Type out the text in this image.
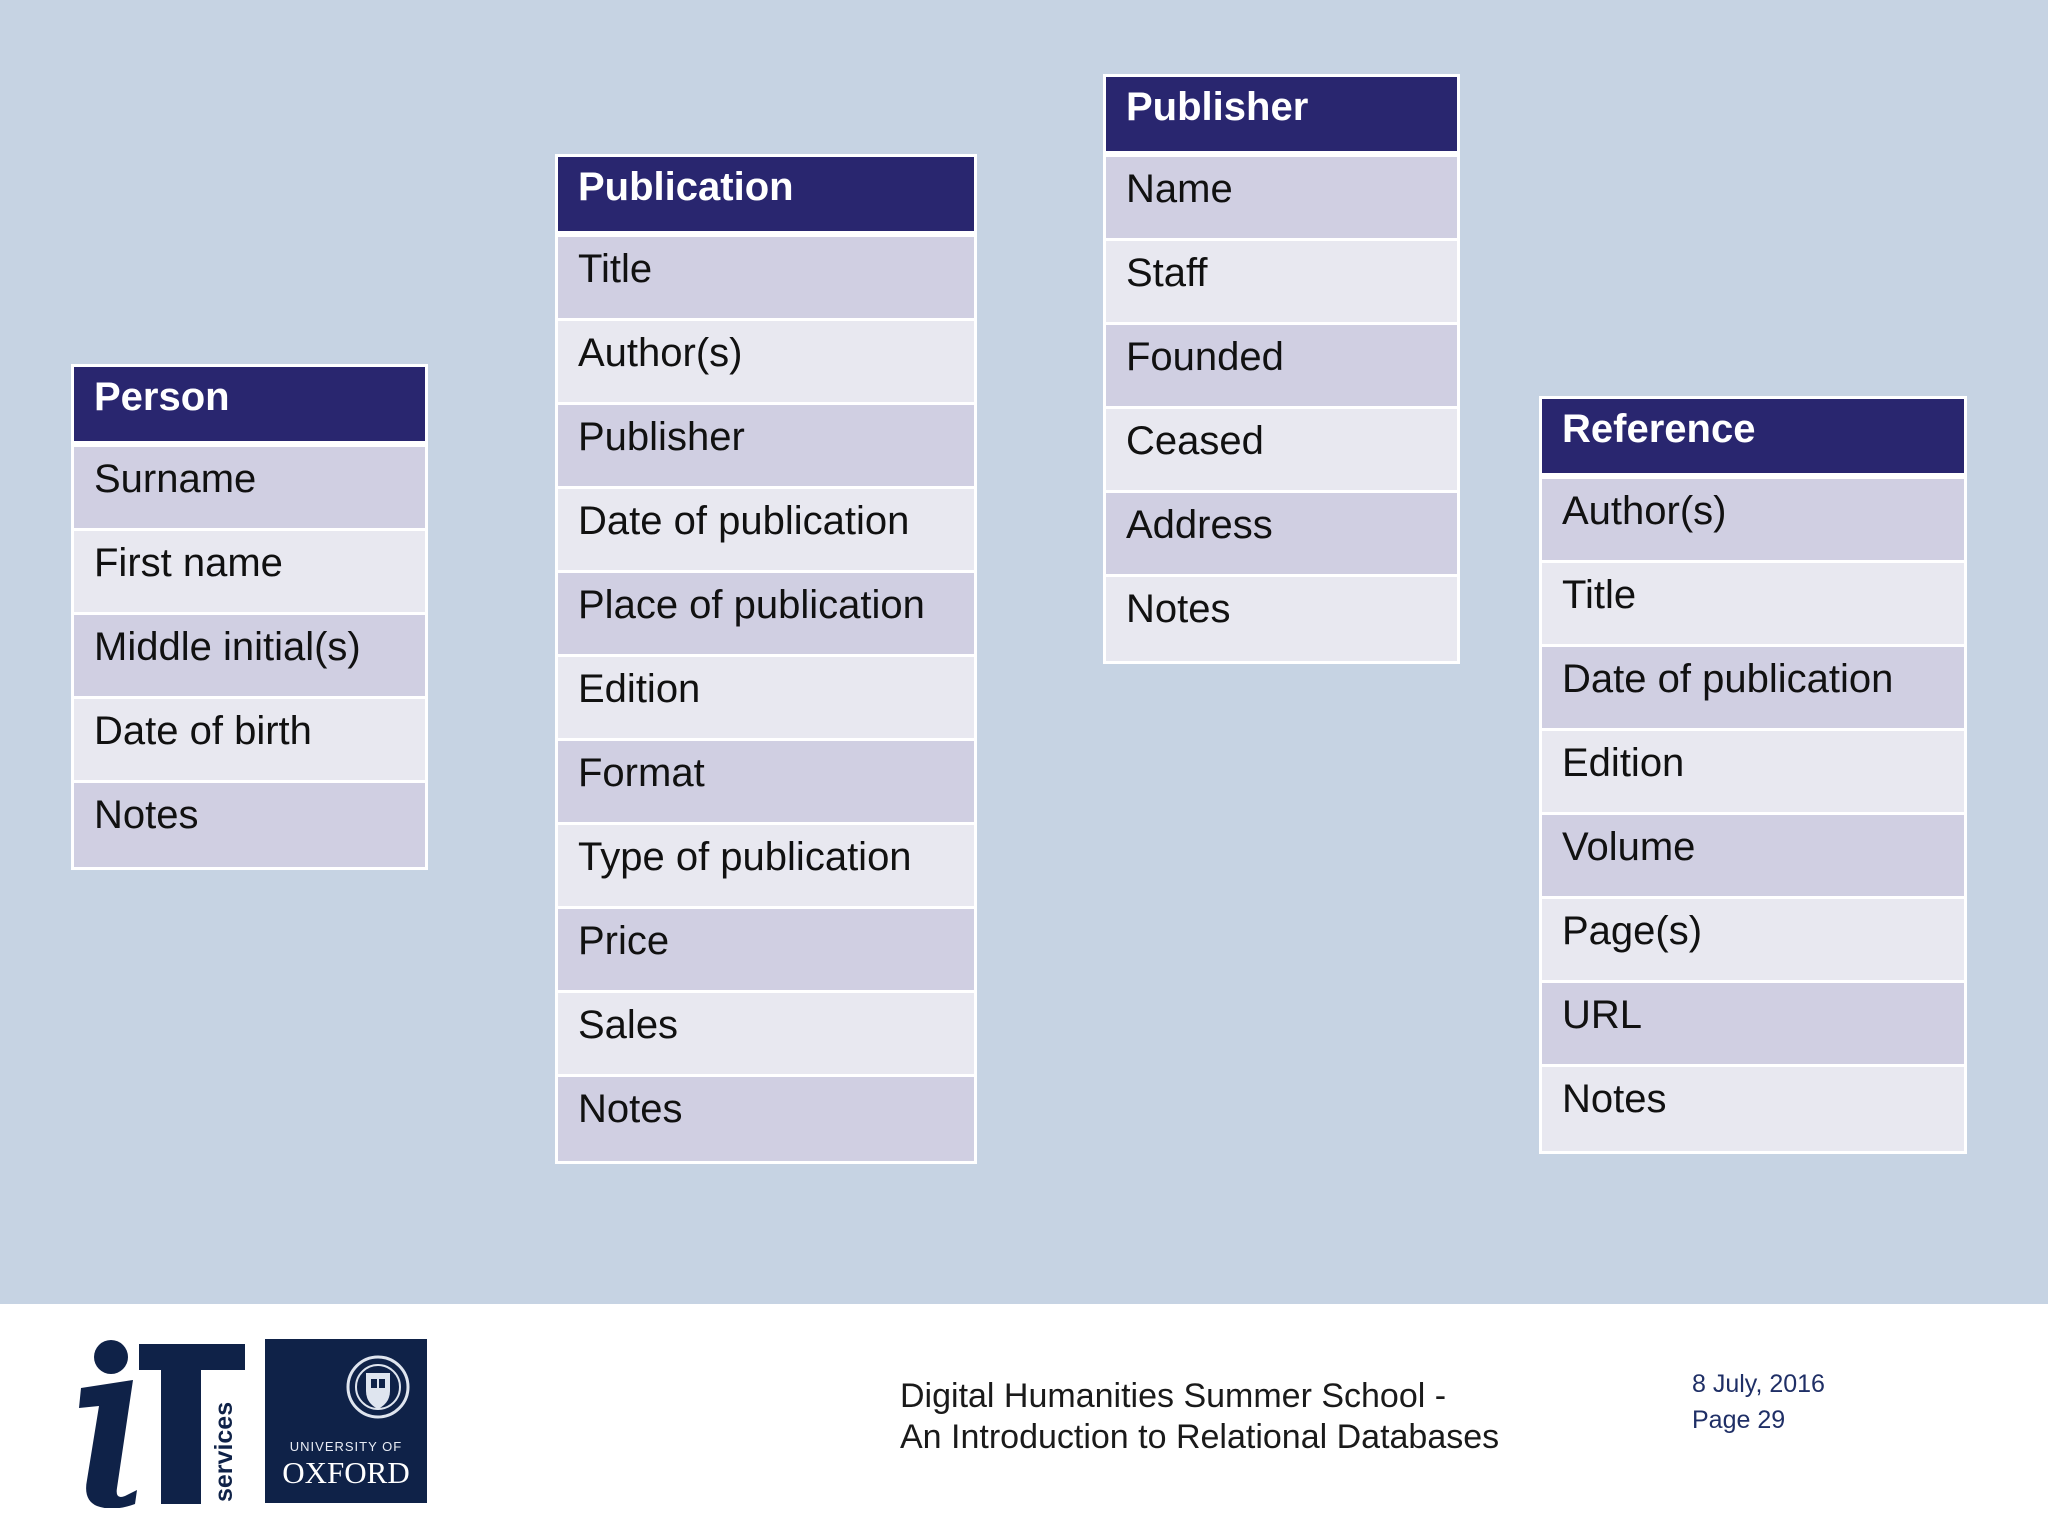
Person
Surname
First name
Middle initial(s)
Date of birth
Notes
Publication
Title
Author(s)
Publisher
Date of publication
Place of publication
Edition
Format
Type of publication
Price
Sales
Notes
Publisher
Name
Staff
Founded
Ceased
Address
Notes
Reference
Author(s)
Title
Date of publication
Edition
Volume
Page(s)
URL
Notes
services	UNIVERSITY OF
OXFORD
Digital Humanities Summer School -
An Introduction to Relational Databases
8 July, 2016
Page 29
